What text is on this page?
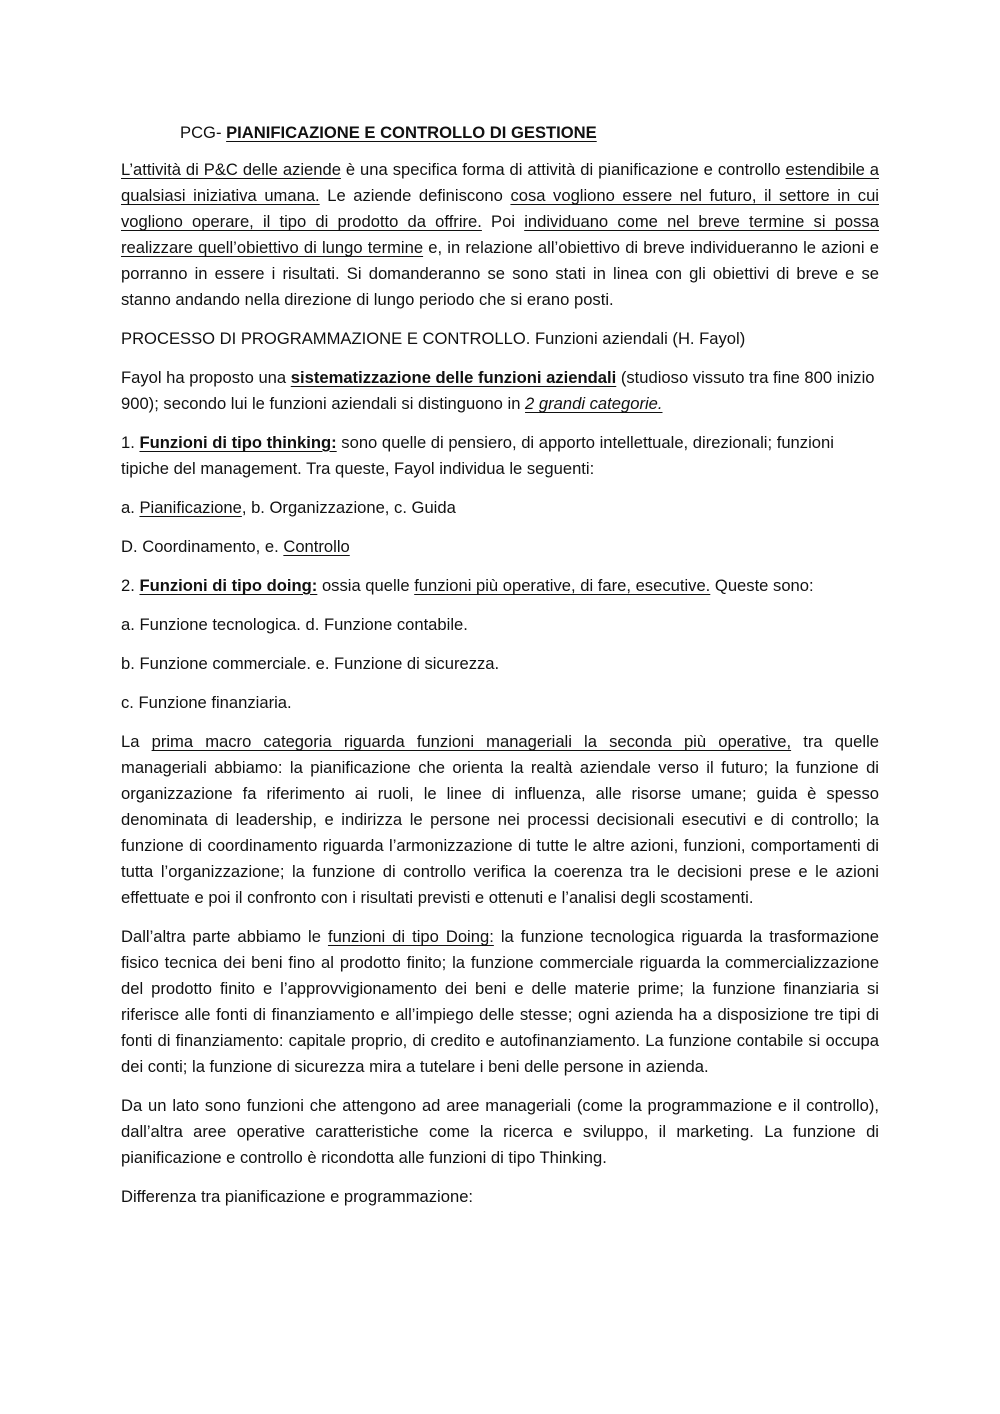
PCG- PIANIFICAZIONE E CONTROLLO DI GESTIONE

L’attività di P&C delle aziende è una specifica forma di attività di pianificazione e controllo estendibile a qualsiasi iniziativa umana. Le aziende definiscono cosa vogliono essere nel futuro, il settore in cui vogliono operare, il tipo di prodotto da offrire. Poi individuano come nel breve termine si possa realizzare quell’obiettivo di lungo termine e, in relazione all’obiettivo di breve individueranno le azioni e porranno in essere i risultati. Si domanderanno se sono stati in linea con gli obiettivi di breve e se stanno andando nella direzione di lungo periodo che si erano posti.

PROCESSO DI PROGRAMMAZIONE E CONTROLLO. Funzioni aziendali (H. Fayol)

Fayol ha proposto una sistematizzazione delle funzioni aziendali (studioso vissuto tra fine 800 inizio 900); secondo lui le funzioni aziendali si distinguono in 2 grandi categorie.

1. Funzioni di tipo thinking: sono quelle di pensiero, di apporto intellettuale, direzionali; funzioni tipiche del management. Tra queste, Fayol individua le seguenti:

a. Pianificazione, b. Organizzazione, c. Guida

D. Coordinamento, e. Controllo

2. Funzioni di tipo doing: ossia quelle funzioni più operative, di fare, esecutive. Queste sono:

a. Funzione tecnologica. d. Funzione contabile.

b. Funzione commerciale. e. Funzione di sicurezza.

c. Funzione finanziaria.

La prima macro categoria riguarda funzioni manageriali la seconda più operative, tra quelle manageriali abbiamo: la pianificazione che orienta la realtà aziendale verso il futuro; la funzione di organizzazione fa riferimento ai ruoli, le linee di influenza, alle risorse umane; guida è spesso denominata di leadership, e indirizza le persone nei processi decisionali esecutivi e di controllo; la funzione di coordinamento riguarda l’armonizzazione di tutte le altre azioni, funzioni, comportamenti di tutta l’organizzazione; la funzione di controllo verifica la coerenza tra le decisioni prese e le azioni effettuate e poi il confronto con i risultati previsti e ottenuti e l’analisi degli scostamenti.

Dall’altra parte abbiamo le funzioni di tipo Doing: la funzione tecnologica riguarda la trasformazione fisico tecnica dei beni fino al prodotto finito; la funzione commerciale riguarda la commercializzazione del prodotto finito e l’approvvigionamento dei beni e delle materie prime; la funzione finanziaria si riferisce alle fonti di finanziamento e all’impiego delle stesse; ogni azienda ha a disposizione tre tipi di fonti di finanziamento: capitale proprio, di credito e autofinanziamento. La funzione contabile si occupa dei conti; la funzione di sicurezza mira a tutelare i beni delle persone in azienda.

Da un lato sono funzioni che attengono ad aree manageriali (come la programmazione e il controllo), dall’altra aree operative caratteristiche come la ricerca e sviluppo, il marketing. La funzione di pianificazione e controllo è ricondotta alle funzioni di tipo Thinking.

Differenza tra pianificazione e programmazione:
